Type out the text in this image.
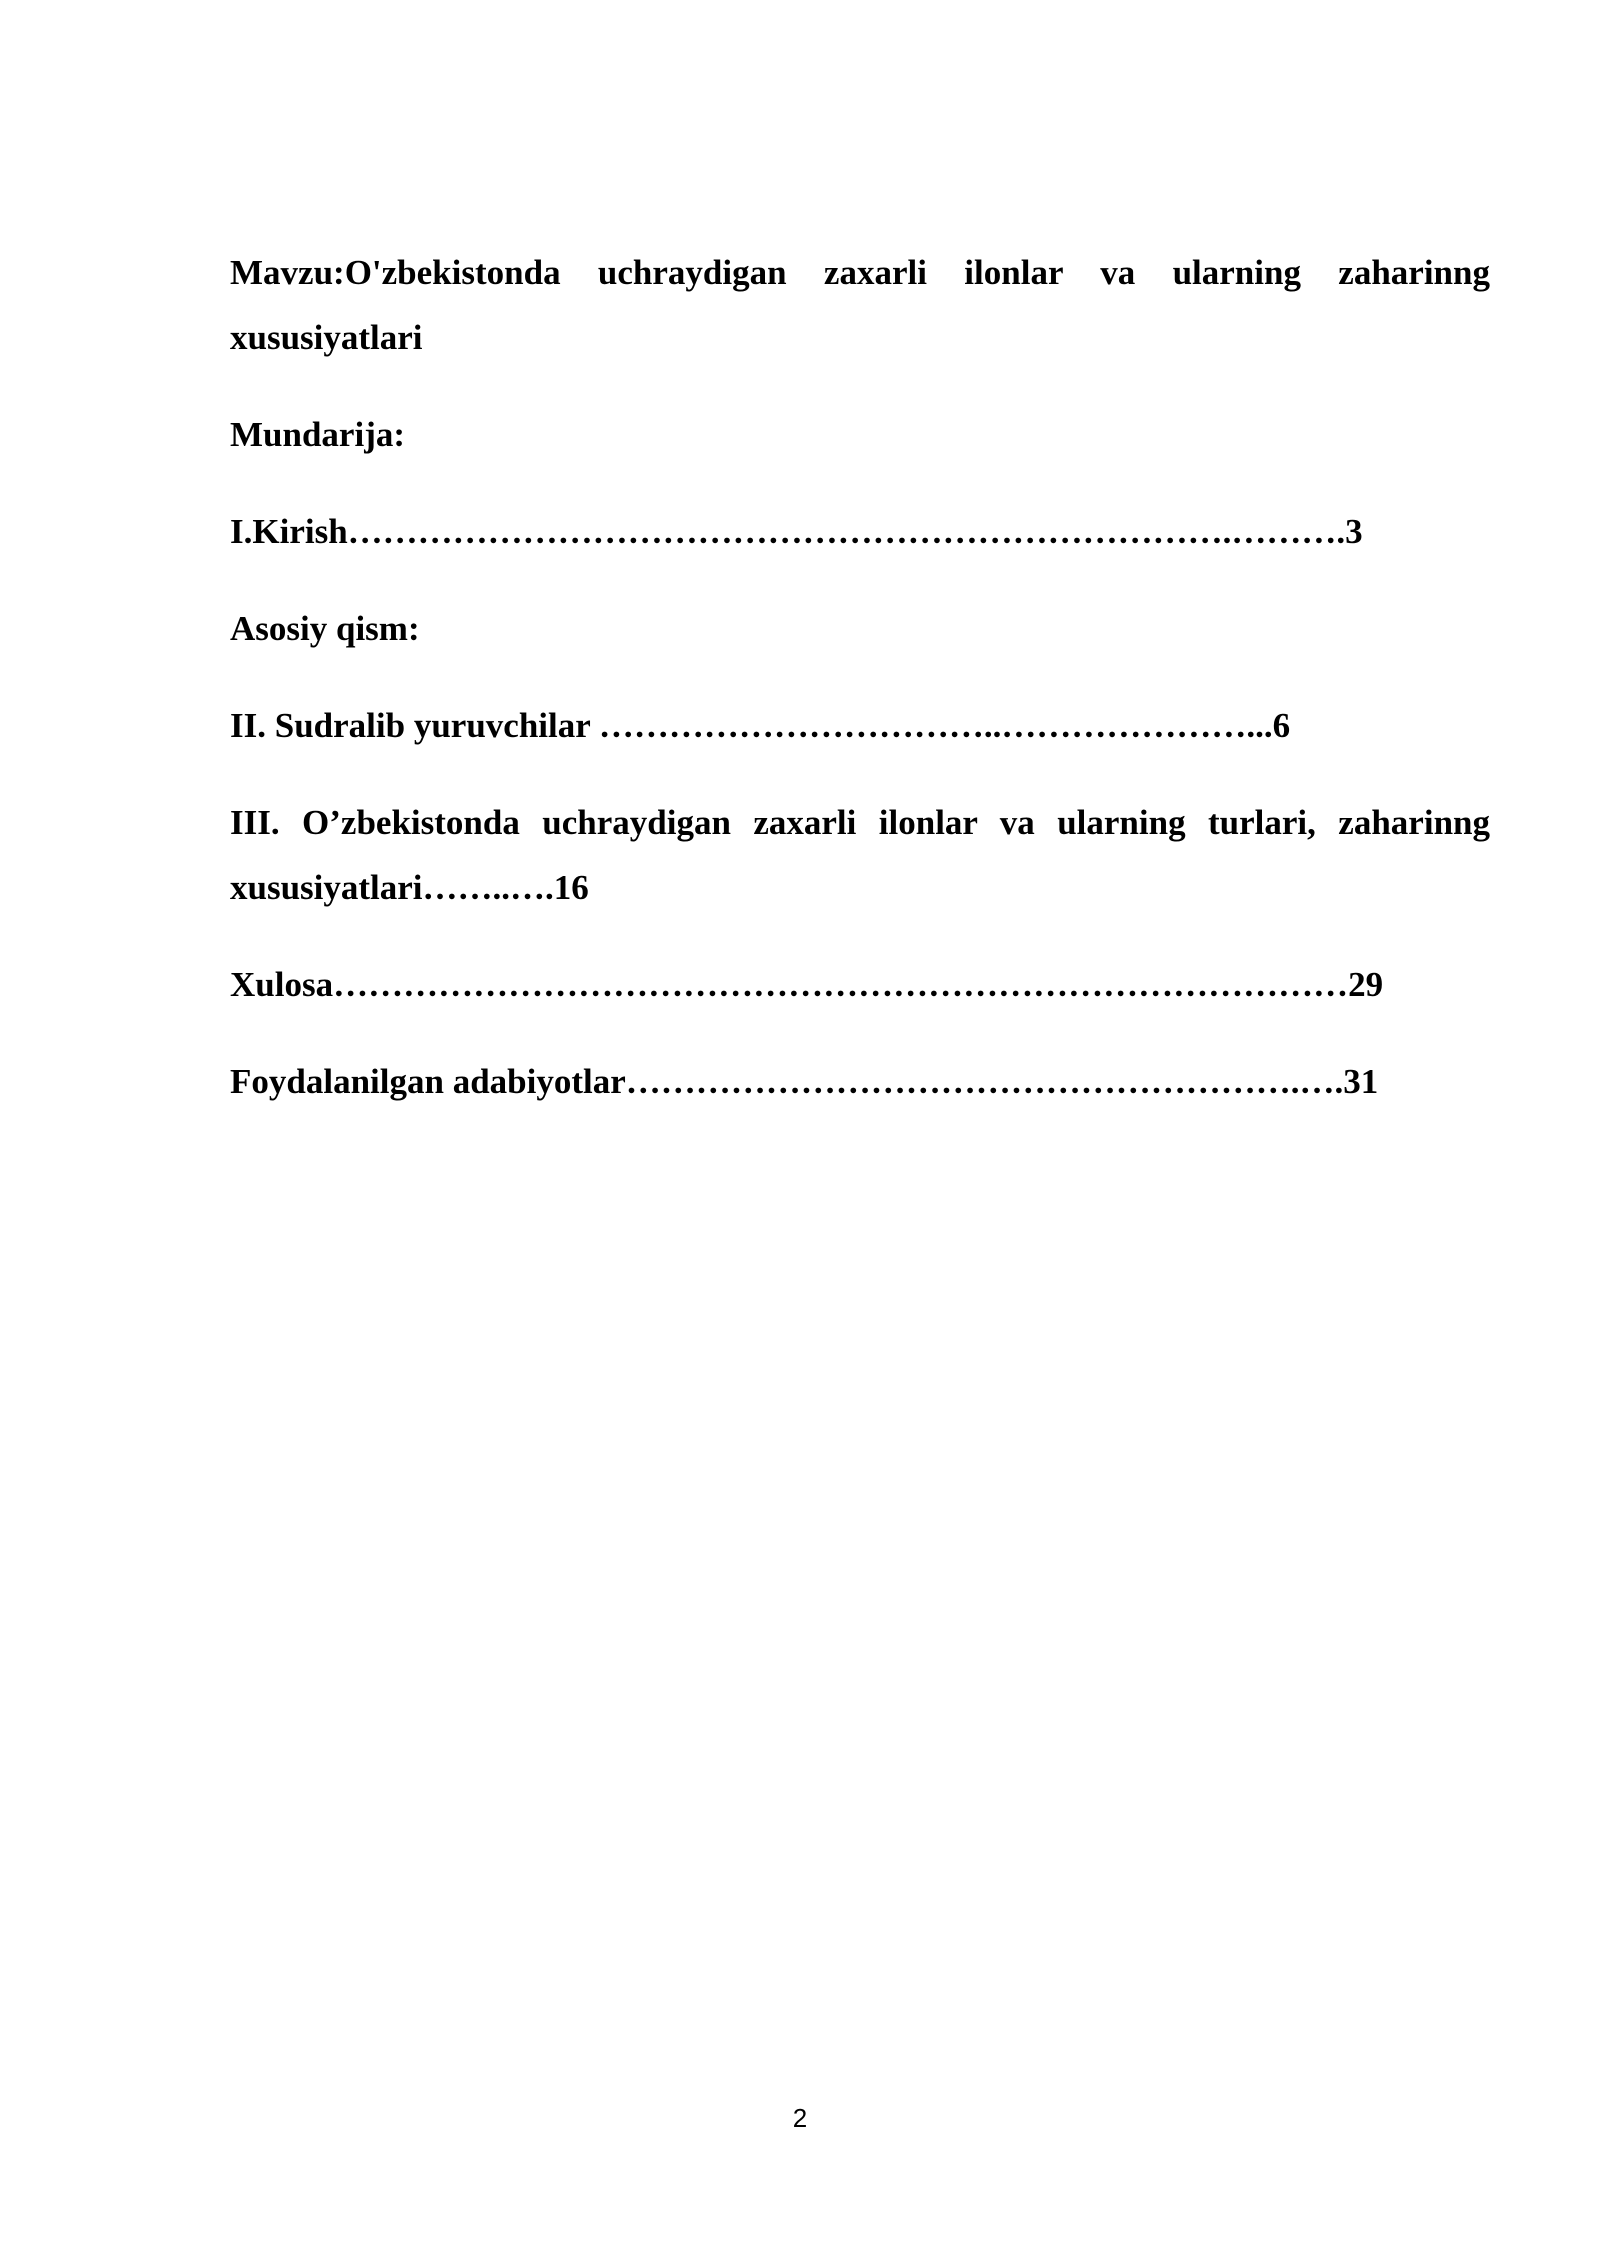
Mavzu:O'zbekistonda uchraydigan zaxarli ilonlar va ularning zaharinng xususiyatlari

Mundarija:

I.Kirish………………………………………………………………….……….3

Asosiy qism:

II. Sudralib yuruvchilar ……………………………..…………………...6

III. O’zbekistonda uchraydigan zaxarli ilonlar va ularning turlari, zaharinng xususiyatlari……..….16

Xulosa……………………………………………………………………………29

Foydalanilgan adabiyotlar………………………………………………….….31

2
